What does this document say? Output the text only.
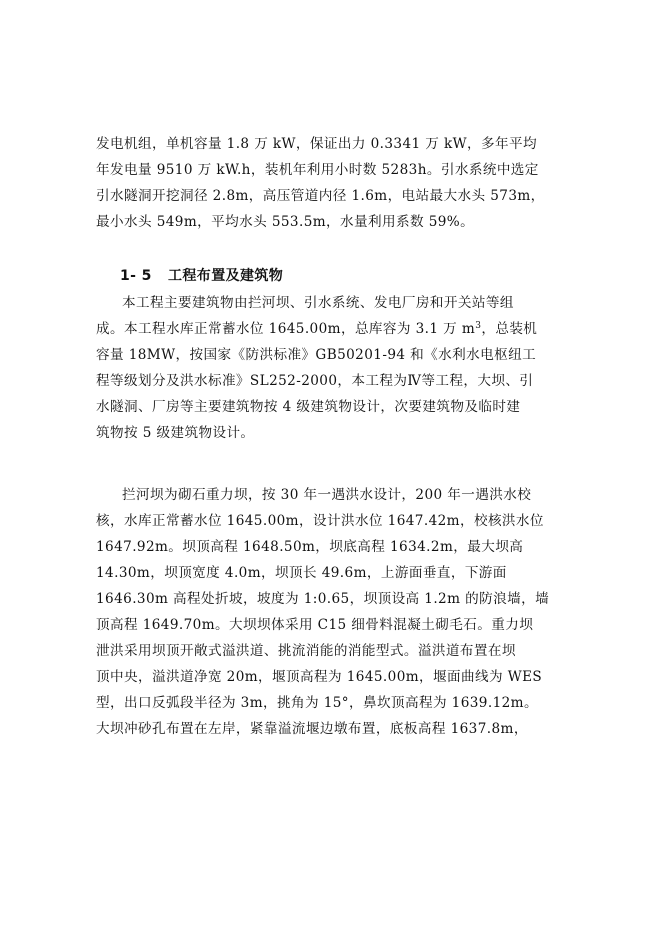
发电机组，单机容量 1.8 万 kW，保证出力 0.3341 万 kW，多年平均
年发电量 9510 万 kW.h，装机年利用小时数 5283h。引水系统中选定
引水隧洞开挖洞径 2.8m，高压管道内径 1.6m，电站最大水头 573m，
最小水头 549m，平均水头 553.5m，水量利用系数 59%。
1- 5 工程布置及建筑物
本工程主要建筑物由拦河坝、引水系统、发电厂房和开关站等组
成。本工程水库正常蓄水位 1645.00m，总库容为 3.1 万 $m^3$，总装机
容量 18MW，按国家《防洪标准》GB50201-94 和《水利水电枢纽工
程等级划分及洪水标准》SL252-2000，本工程为Ⅳ等工程，大坝、引
水隧洞、厂房等主要建筑物按 4 级建筑物设计，次要建筑物及临时建
筑物按 5 级建筑物设计。
拦河坝为砌石重力坝，按 30 年一遇洪水设计，200 年一遇洪水校
核，水库正常蓄水位 1645.00m，设计洪水位 1647.42m，校核洪水位
1647.92m。坝顶高程 1648.50m，坝底高程 1634.2m，最大坝高
14.30m，坝顶宽度 4.0m，坝顶长 49.6m，上游面垂直，下游面
1646.30m 高程处折坡，坡度为 1:0.65，坝顶设高 1.2m 的防浪墙，墙
顶高程 1649.70m。大坝坝体采用 C15 细骨料混凝土砌毛石。重力坝
泄洪采用坝顶开敞式溢洪道、挑流消能的消能型式。溢洪道布置在坝
顶中央，溢洪道净宽 20m，堰顶高程为 1645.00m，堰面曲线为 WES
型，出口反弧段半径为 3m，挑角为 15°，鼻坎顶高程为 1639.12m。
大坝冲砂孔布置在左岸，紧靠溢流堰边墩布置，底板高程 1637.8m，
